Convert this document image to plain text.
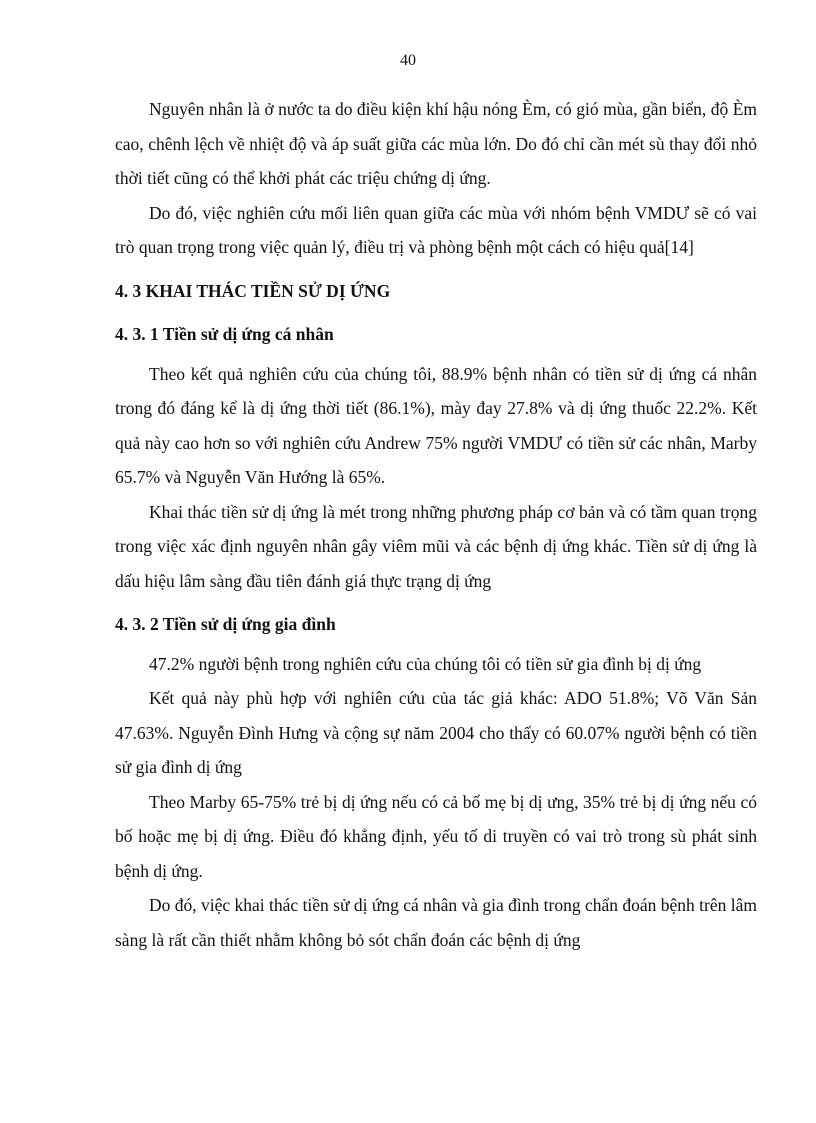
40

Nguyên nhân là ở nước ta do điều kiện khí hậu nóng Èm, có gió mùa, gần biển, độ Èm cao, chênh lệch về nhiệt độ và áp suất giữa các mùa lớn. Do đó chỉ cần mét sù thay đổi nhỏ thời tiết cũng có thể khởi phát các triệu chứng dị ứng.

Do đó, việc nghiên cứu mối liên quan giữa các mùa với nhóm bệnh VMDƯ sẽ có vai trò quan trọng trong việc quản lý, điều trị và phòng bệnh một cách có hiệu quả[14]

4. 3 KHAI THÁC TIỀN SỬ DỊ ỨNG
4. 3. 1 Tiền sử dị ứng cá nhân

Theo kết quả nghiên cứu của chúng tôi, 88.9% bệnh nhân có tiền sử dị ứng cá nhân trong đó đáng kể là dị ứng thời tiết (86.1%), mày đay 27.8% và dị ứng thuốc 22.2%. Kết quả này cao hơn so với nghiên cứu Andrew 75% người VMDƯ có tiền sử các nhân, Marby 65.7% và Nguyễn Văn Hướng là 65%.

Khai thác tiền sử dị ứng là mét trong những phương pháp cơ bản và có tầm quan trọng trong việc xác định nguyên nhân gây viêm mũi và các bệnh dị ứng khác. Tiền sử dị ứng là dấu hiệu lâm sàng đầu tiên đánh giá thực trạng dị ứng

4. 3. 2 Tiền sử dị ứng gia đình

47.2% người bệnh trong nghiên cứu của chúng tôi có tiền sử gia đình bị dị ứng

Kết quả này phù hợp với nghiên cứu của tác giả khác: ADO 51.8%; Võ Văn Sản 47.63%. Nguyễn Đình Hưng và cộng sự năm 2004 cho thấy có 60.07% người bệnh có tiền sử gia đình dị ứng

Theo Marby 65-75% trẻ bị dị ứng nếu có cả bố mẹ bị dị ưng, 35% trẻ bị dị ứng nếu có bố hoặc mẹ bị dị ứng. Điều đó khẳng định, yếu tố di truyền có vai trò trong sù phát sinh bệnh dị ứng.

Do đó, việc khai thác tiền sử dị ứng cá nhân và gia đình trong chẩn đoán bệnh trên lâm sàng là rất cần thiết nhằm không bỏ sót chẩn đoán các bệnh dị ứng
